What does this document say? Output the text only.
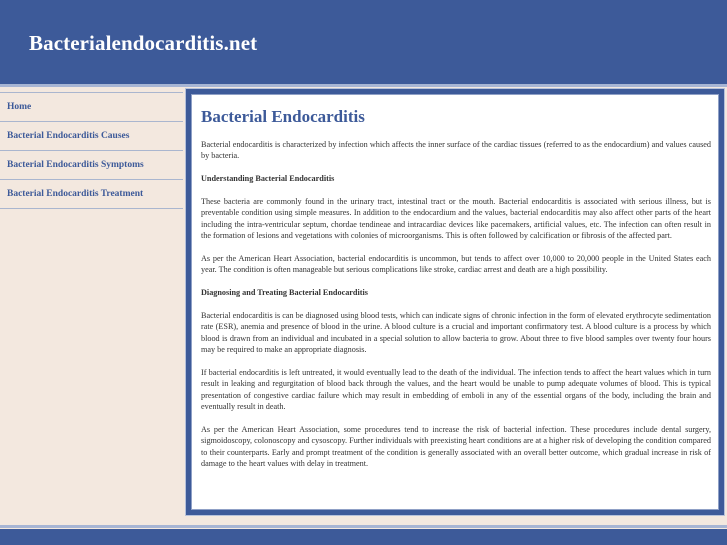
Bacterialendocarditis.net
Home
Bacterial Endocarditis Causes
Bacterial Endocarditis Symptoms
Bacterial Endocarditis Treatment
Bacterial Endocarditis

Bacterial endocarditis is characterized by infection which affects the inner surface of the cardiac tissues (referred to as the endocardium) and values caused by bacteria.

Understanding Bacterial Endocarditis

These bacteria are commonly found in the urinary tract, intestinal tract or the mouth. Bacterial endocarditis is associated with serious illness, but is preventable condition using simple measures. In addition to the endocardium and the values, bacterial endocarditis may also affect other parts of the heart including the intra-ventricular septum, chordae tendineae and intracardiac devices like pacemakers, artificial values, etc. The infection can often result in the formation of lesions and vegetations with colonies of microorganisms. This is often followed by calcification or fibrosis of the affected part.

As per the American Heart Association, bacterial endocarditis is uncommon, but tends to affect over 10,000 to 20,000 people in the United States each year. The condition is often manageable but serious complications like stroke, cardiac arrest and death are a high possibility.

Diagnosing and Treating Bacterial Endocarditis

Bacterial endocarditis is can be diagnosed using blood tests, which can indicate signs of chronic infection in the form of elevated erythrocyte sedimentation rate (ESR), anemia and presence of blood in the urine. A blood culture is a crucial and important confirmatory test. A blood culture is a process by which blood is drawn from an individual and incubated in a special solution to allow bacteria to grow. About three to five blood samples over twenty four hours may be required to make an appropriate diagnosis.

If bacterial endocarditis is left untreated, it would eventually lead to the death of the individual. The infection tends to affect the heart values which in turn result in leaking and regurgitation of blood back through the values, and the heart would be unable to pump adequate volumes of blood. This is typical presentation of congestive cardiac failure which may result in embedding of emboli in any of the essential organs of the body, including the brain and eventually result in death.

As per the American Heart Association, some procedures tend to increase the risk of bacterial infection. These procedures include dental surgery, sigmoidoscopy, colonoscopy and cysoscopy. Further individuals with preexisting heart conditions are at a higher risk of developing the condition compared to their counterparts. Early and prompt treatment of the condition is generally associated with an overall better outcome, which gradual increase in risk of damage to the heart values with delay in treatment.
